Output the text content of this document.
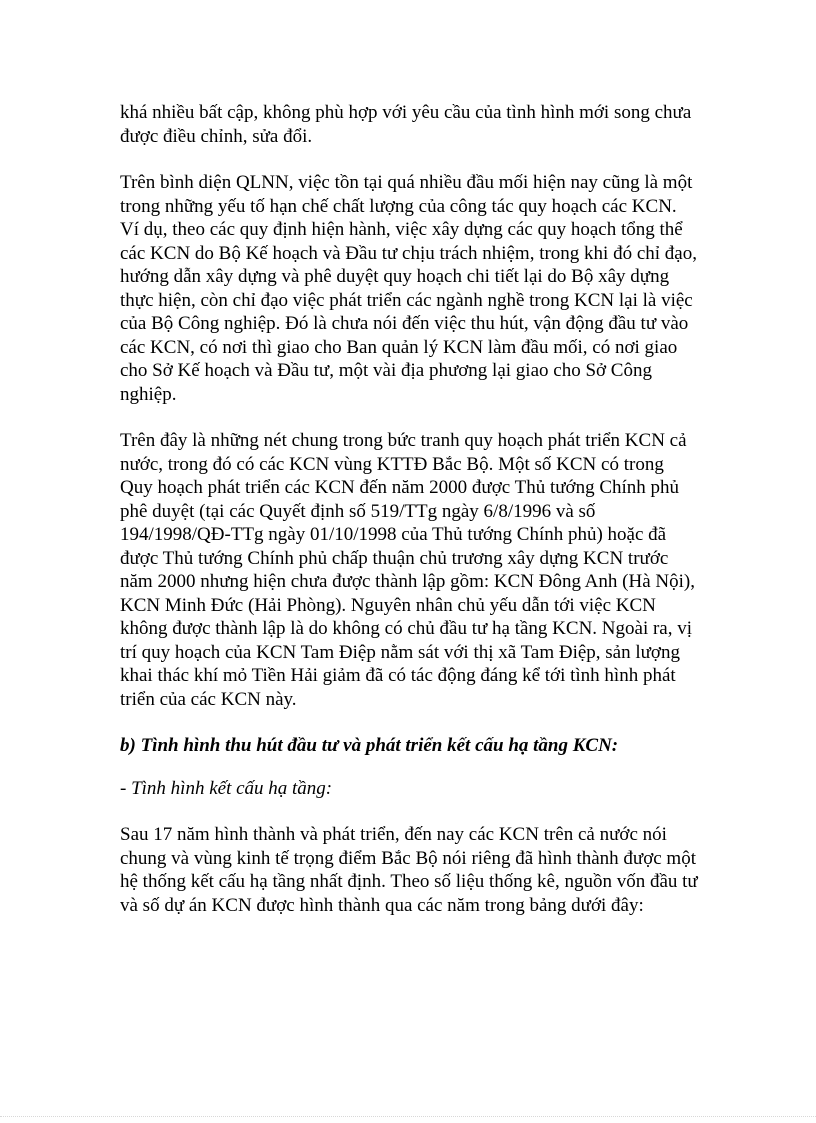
khá nhiều bất cập, không phù hợp với yêu cầu của tình hình mới song chưa được điều chỉnh, sửa đổi.

Trên bình diện QLNN, việc tồn tại quá nhiều đầu mối hiện nay cũng là một trong những yếu tố hạn chế chất lượng của công tác quy hoạch các KCN. Ví dụ, theo các quy định hiện hành, việc xây dựng các quy hoạch tổng thể các KCN do Bộ Kế hoạch và Đầu tư chịu trách nhiệm, trong khi đó chỉ đạo, hướng dẫn xây dựng và phê duyệt quy hoạch chi tiết lại do Bộ xây dựng thực hiện, còn chỉ đạo việc phát triển các ngành nghề trong KCN lại là việc của Bộ Công nghiệp. Đó là chưa nói đến việc thu hút, vận động đầu tư vào các KCN, có nơi thì giao cho Ban quản lý KCN làm đầu mối, có nơi giao cho Sở Kế hoạch và Đầu tư, một vài địa phương lại giao cho Sở Công nghiệp.

Trên đây là những nét chung trong bức tranh quy hoạch phát triển KCN cả nước, trong đó có các KCN vùng KTTĐ Bắc Bộ. Một số KCN có trong Quy hoạch phát triển các KCN đến năm 2000 được Thủ tướng Chính phủ phê duyệt (tại các Quyết định số 519/TTg ngày 6/8/1996 và số 194/1998/QĐ-TTg ngày 01/10/1998 của Thủ tướng Chính phủ) hoặc đã được Thủ tướng Chính phủ chấp thuận chủ trương xây dựng KCN trước năm 2000 nhưng hiện chưa được thành lập gồm: KCN Đông Anh (Hà Nội), KCN Minh Đức (Hải Phòng). Nguyên nhân chủ yếu dẫn tới việc KCN không được thành lập là do không có chủ đầu tư hạ tầng KCN. Ngoài ra, vị trí quy hoạch của KCN Tam Điệp nằm sát với thị xã Tam Điệp, sản lượng khai thác khí mỏ Tiền Hải giảm đã có tác động đáng kể tới tình hình phát triển của các KCN này.

b) Tình hình thu hút đầu tư và phát triển kết cấu hạ tầng KCN:

- Tình hình kết cấu hạ tầng:

Sau 17 năm hình thành và phát triển, đến nay các KCN trên cả nước nói chung và vùng kinh tế trọng điểm Bắc Bộ nói riêng đã hình thành được một hệ thống kết cấu hạ tầng nhất định. Theo số liệu thống kê, nguồn vốn đầu tư và số dự án KCN được hình thành qua các năm trong bảng dưới đây:
